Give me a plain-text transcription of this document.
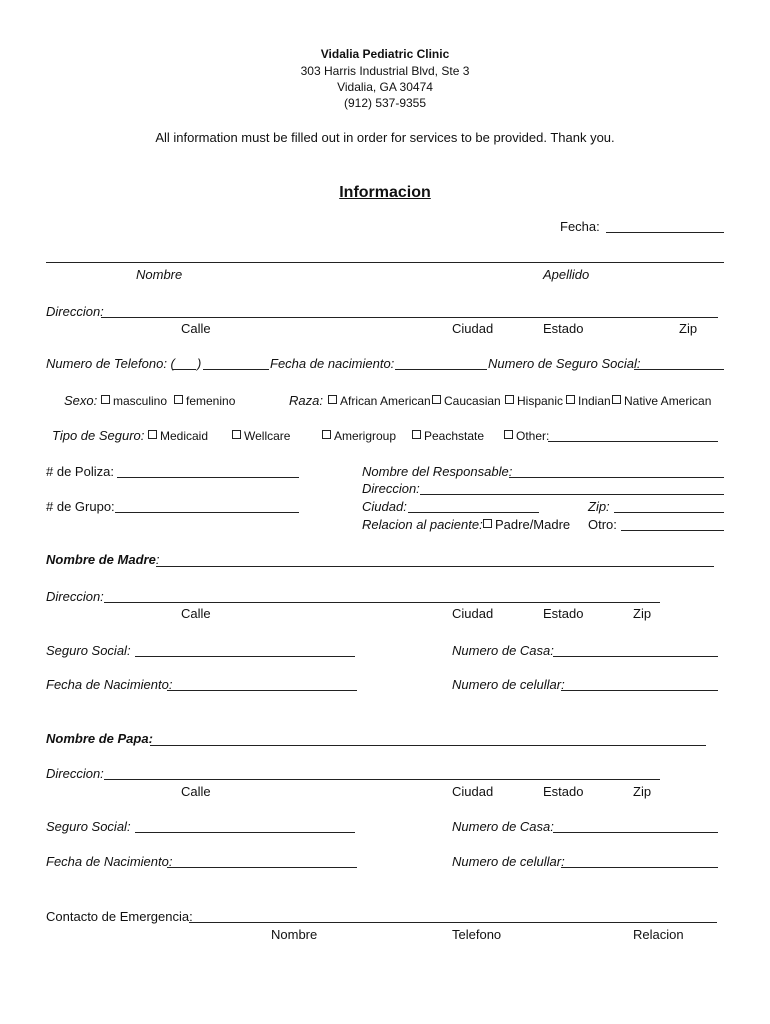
Vidalia Pediatric Clinic
303 Harris Industrial Blvd, Ste 3
Vidalia, GA 30474
(912) 537-9355
All information must be filled out in order for services to be provided. Thank you.
Informacion
Fecha:
Nombre	Apellido
Direccion:
Calle	Ciudad	Estado	Zip
Numero de Telefono: ( )	Fecha de nacimiento:	Numero de Seguro Social:
Sexo:	masculino	femenino	Raza:	African American	Caucasian	Hispanic	Indian	Native American
Tipo de Seguro:	Medicaid	Wellcare	Amerigroup	Peachstate	Other:
# de Poliza:
# de Grupo:
Nombre del Responsable:
Direccion:
Ciudad:	Zip:
Relacion al paciente: Padre/Madre Otro:
Nombre de Madre:
Direccion:
Calle	Ciudad	Estado	Zip
Seguro Social:	Numero de Casa:
Fecha de Nacimiento:	Numero de celullar:
Nombre de Papa:
Direccion:
Calle	Ciudad	Estado	Zip
Seguro Social:	Numero de Casa:
Fecha de Nacimiento:	Numero de celullar:
Contacto de Emergencia:
Nombre	Telefono	Relacion
